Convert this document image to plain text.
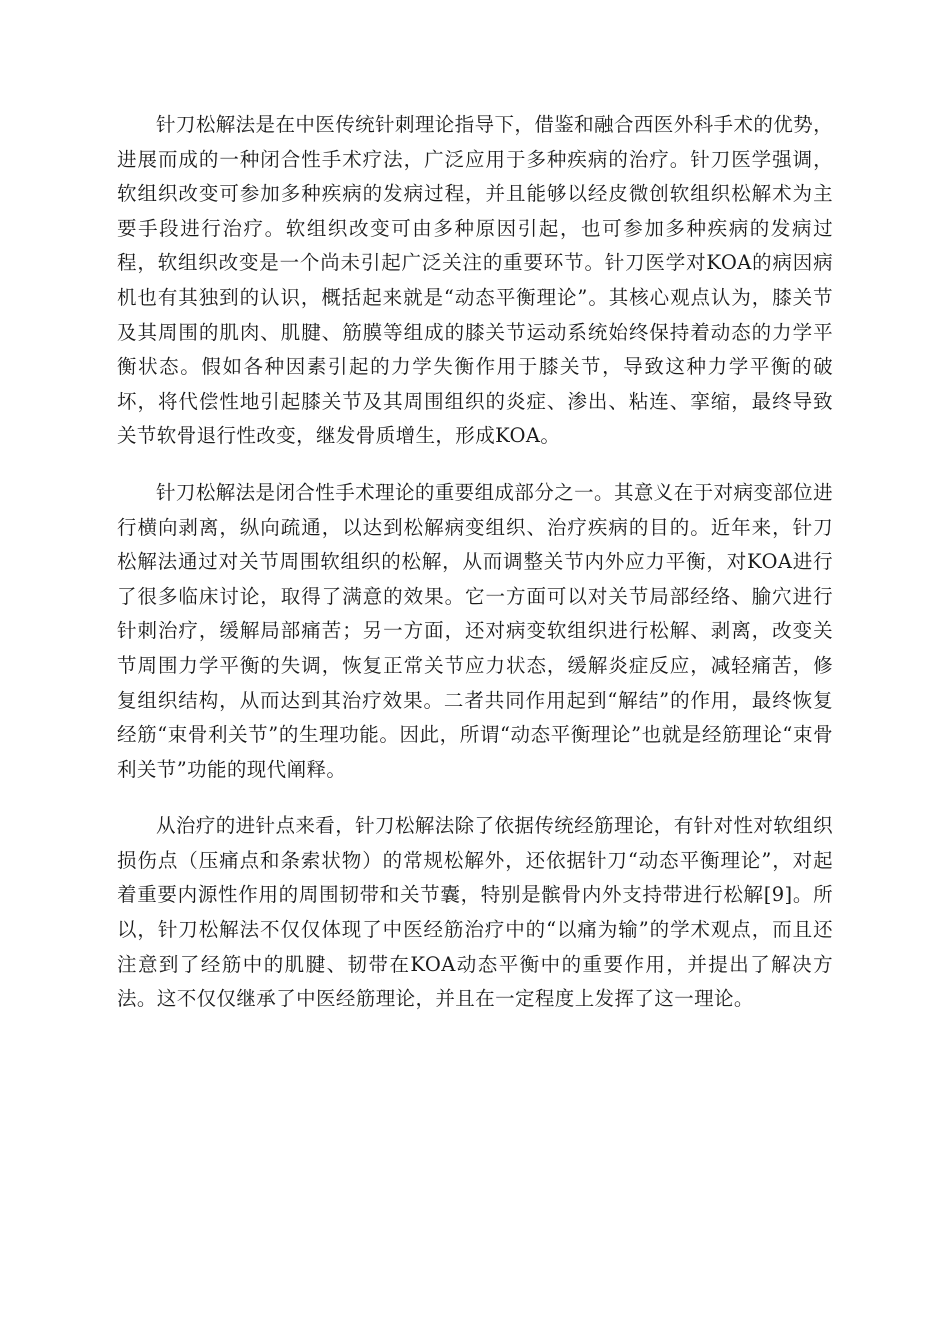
针刀松解法是在中医传统针刺理论指导下，借鉴和融合西医外科手术的优势，进展而成的一种闭合性手术疗法，广泛应用于多种疾病的治疗。针刀医学强调，软组织改变可参加多种疾病的发病过程，并且能够以经皮微创软组织松解术为主要手段进行治疗。软组织改变可由多种原因引起，也可参加多种疾病的发病过程，软组织改变是一个尚未引起广泛关注的重要环节。针刀医学对KOA的病因病机也有其独到的认识，概括起来就是“动态平衡理论”。其核心观点认为，膝关节及其周围的肌肉、肌腱、筋膜等组成的膝关节运动系统始终保持着动态的力学平衡状态。假如各种因素引起的力学失衡作用于膝关节，导致这种力学平衡的破坏，将代偿性地引起膝关节及其周围组织的炎症、渗出、粘连、挛缩，最终导致关节软骨退行性改变，继发骨质增生，形成KOA。

针刀松解法是闭合性手术理论的重要组成部分之一。其意义在于对病变部位进行横向剥离，纵向疏通，以达到松解病变组织、治疗疾病的目的。近年来，针刀松解法通过对关节周围软组织的松解，从而调整关节内外应力平衡，对KOA进行了很多临床讨论，取得了满意的效果。它一方面可以对关节局部经络、腧穴进行针刺治疗，缓解局部痛苦；另一方面，还对病变软组织进行松解、剥离，改变关节周围力学平衡的失调，恢复正常关节应力状态，缓解炎症反应，减轻痛苦，修复组织结构，从而达到其治疗效果。二者共同作用起到“解结”的作用，最终恢复经筋“束骨利关节”的生理功能。因此，所谓“动态平衡理论”也就是经筋理论“束骨利关节”功能的现代阐释。

从治疗的进针点来看，针刀松解法除了依据传统经筋理论，有针对性对软组织损伤点（压痛点和条索状物）的常规松解外，还依据针刀“动态平衡理论”，对起着重要内源性作用的周围韧带和关节囊，特别是髌骨内外支持带进行松解[9]。所以，针刀松解法不仅仅体现了中医经筋治疗中的“以痛为输”的学术观点，而且还注意到了经筋中的肌腱、韧带在KOA动态平衡中的重要作用，并提出了解决方法。这不仅仅继承了中医经筋理论，并且在一定程度上发挥了这一理论。
